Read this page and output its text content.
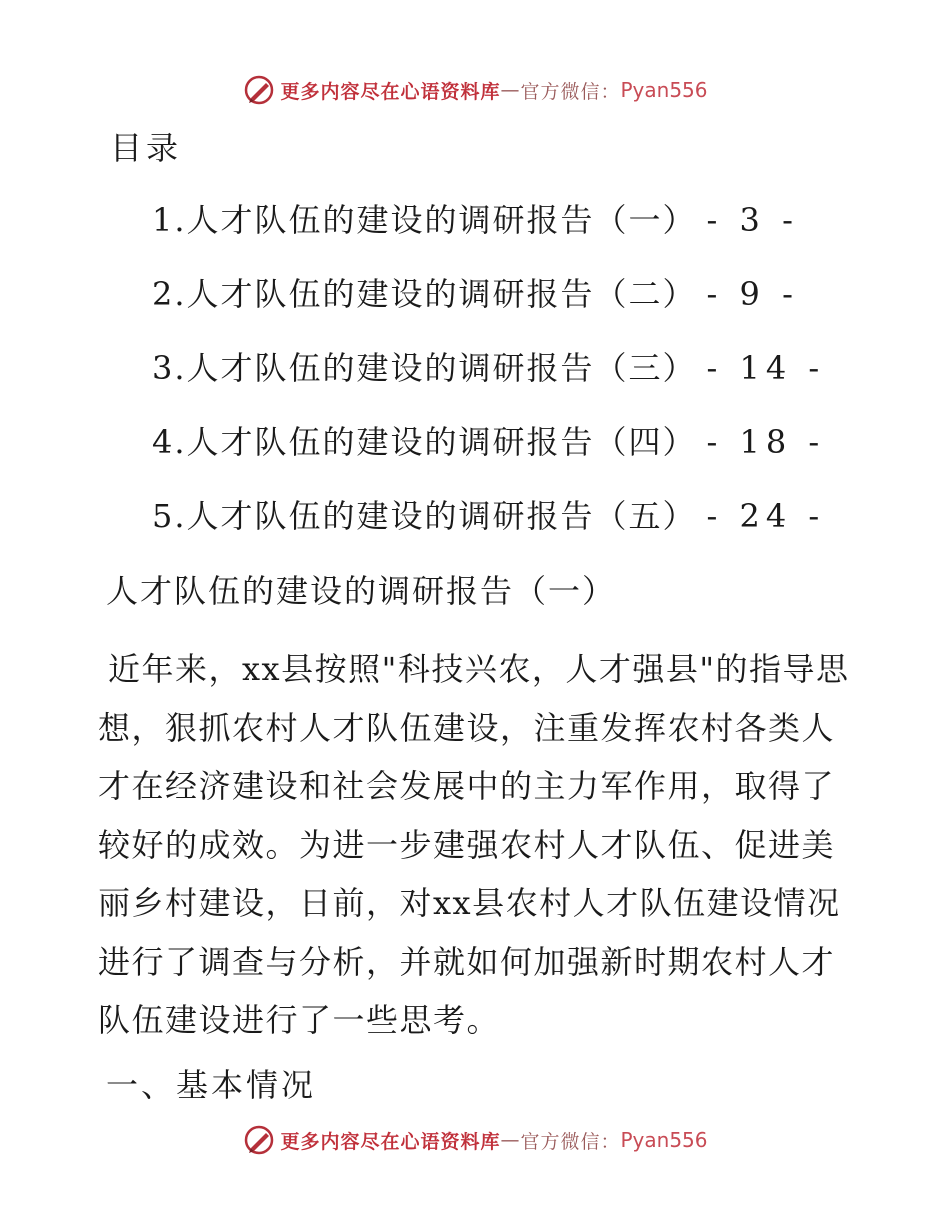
更多内容尽在心语资料库 — 官方微信： Pyan556
目录
1.人才队伍的建设的调研报告（一） - 3 -
2.人才队伍的建设的调研报告（二） - 9 -
3.人才队伍的建设的调研报告（三） - 14 -
4.人才队伍的建设的调研报告（四） - 18 -
5.人才队伍的建设的调研报告（五） - 24 -
人才队伍的建设的调研报告（一）

近年来，xx县按照"科技兴农，人才强县"的指导思想，狠抓农村人才队伍建设，注重发挥农村各类人才在经济建设和社会发展中的主力军作用，取得了较好的成效。为进一步建强农村人才队伍、促进美丽乡村建设，日前，对xx县农村人才队伍建设情况进行了调查与分析，并就如何加强新时期农村人才队伍建设进行了一些思考。

一、基本情况
更多内容尽在心语资料库 — 官方微信： Pyan556
